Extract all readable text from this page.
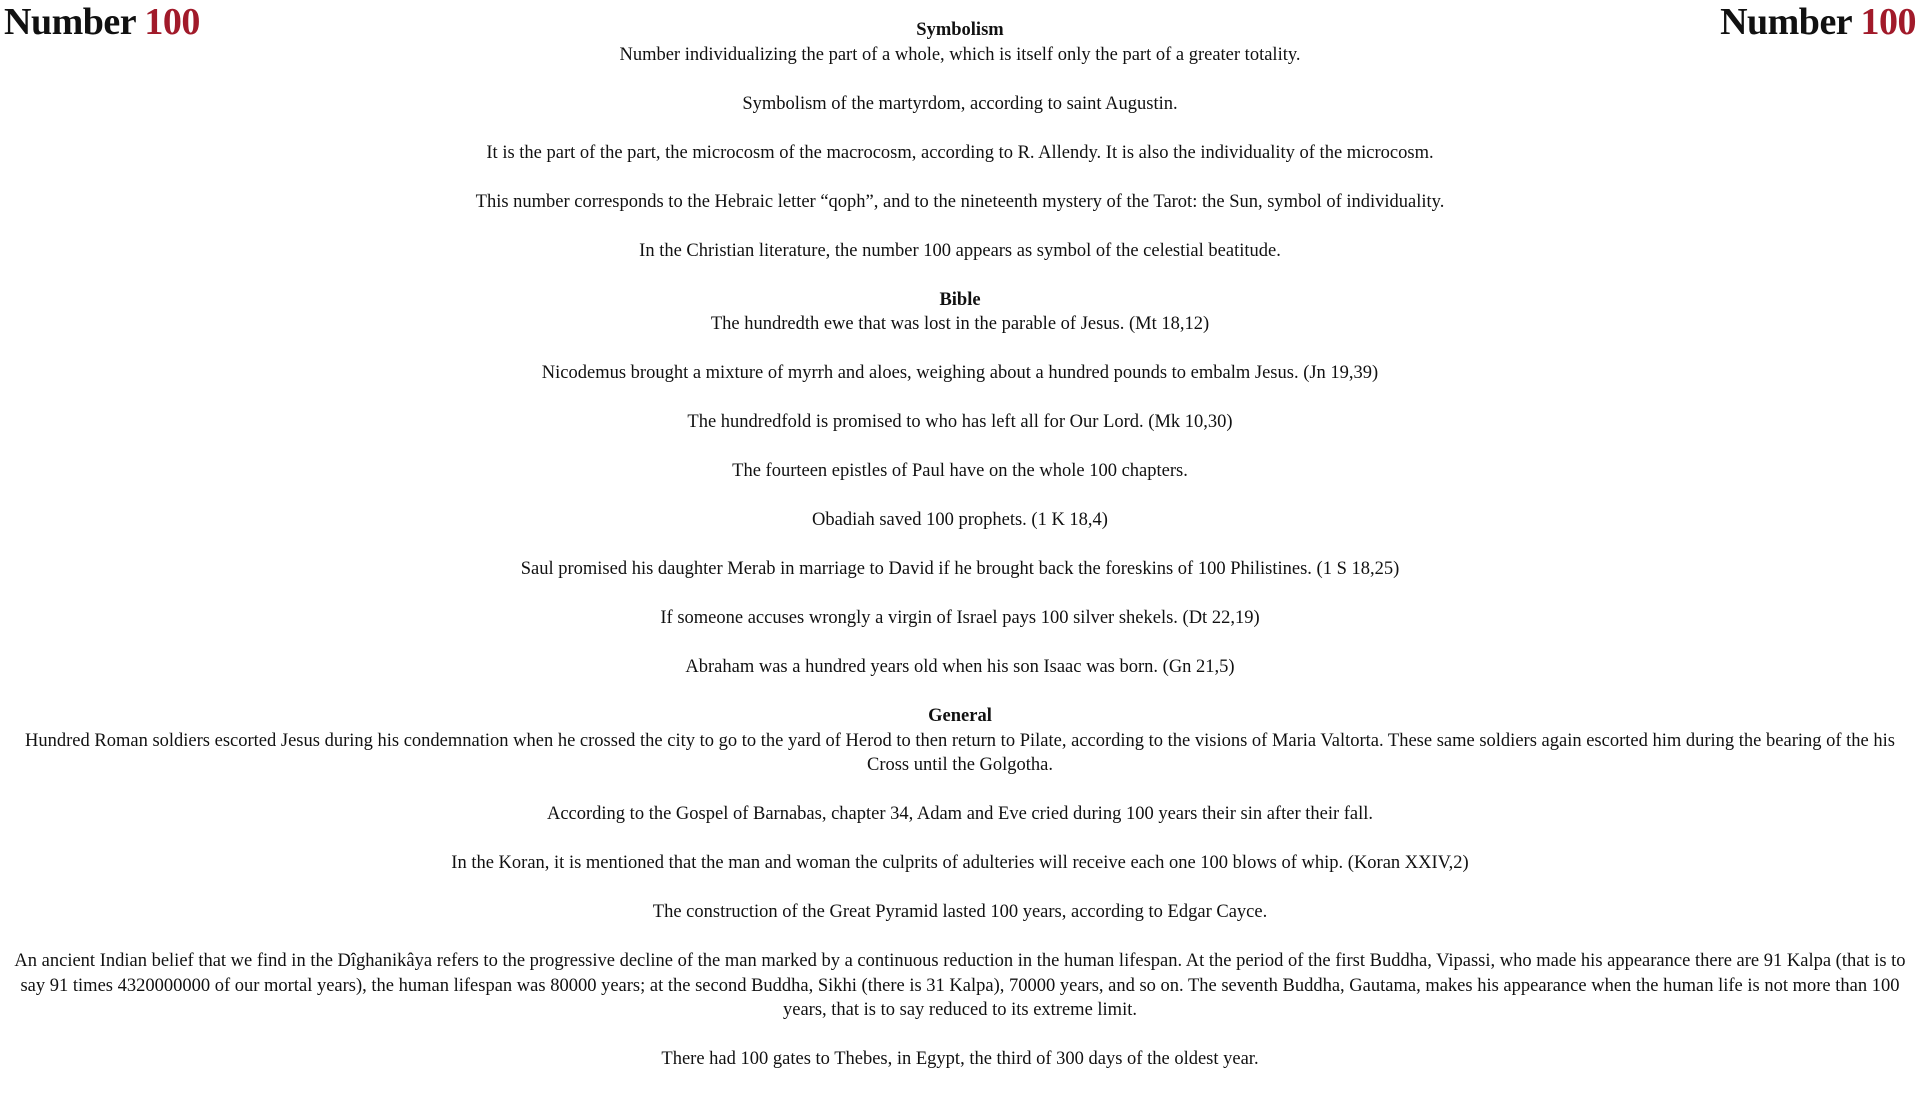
Number 100	Number 100

Symbolism

Number individualizing the part of a whole, which is itself only the part of a greater totality.

Symbolism of the martyrdom, according to saint Augustin.

It is the part of the part, the microcosm of the macrocosm, according to R. Allendy. It is also the individuality of the microcosm.

This number corresponds to the Hebraic letter “qoph”, and to the nineteenth mystery of the Tarot: the Sun, symbol of individuality.

In the Christian literature, the number 100 appears as symbol of the celestial beatitude.

Bible

The hundredth ewe that was lost in the parable of Jesus. (Mt 18,12)

Nicodemus brought a mixture of myrrh and aloes, weighing about a hundred pounds to embalm Jesus. (Jn 19,39)

The hundredfold is promised to who has left all for Our Lord. (Mk 10,30)

The fourteen epistles of Paul have on the whole 100 chapters.

Obadiah saved 100 prophets. (1 K 18,4)

Saul promised his daughter Merab in marriage to David if he brought back the foreskins of 100 Philistines. (1 S 18,25)

If someone accuses wrongly a virgin of Israel pays 100 silver shekels. (Dt 22,19)

Abraham was a hundred years old when his son Isaac was born. (Gn 21,5)

General

Hundred Roman soldiers escorted Jesus during his condemnation when he crossed the city to go to the yard of Herod to then return to Pilate, according to the visions of Maria Valtorta. These same soldiers again escorted him during the bearing of the his Cross until the Golgotha.

According to the Gospel of Barnabas, chapter 34, Adam and Eve cried during 100 years their sin after their fall.

In the Koran, it is mentioned that the man and woman the culprits of adulteries will receive each one 100 blows of whip. (Koran XXIV,2)

The construction of the Great Pyramid lasted 100 years, according to Edgar Cayce.

An ancient Indian belief that we find in the Dîghanikâya refers to the progressive decline of the man marked by a continuous reduction in the human lifespan. At the period of the first Buddha, Vipassi, who made his appearance there are 91 Kalpa (that is to say 91 times 4320000000 of our mortal years), the human lifespan was 80000 years; at the second Buddha, Sikhi (there is 31 Kalpa), 70000 years, and so on. The seventh Buddha, Gautama, makes his appearance when the human life is not more than 100 years, that is to say reduced to its extreme limit.

There had 100 gates to Thebes, in Egypt, the third of 300 days of the oldest year.
